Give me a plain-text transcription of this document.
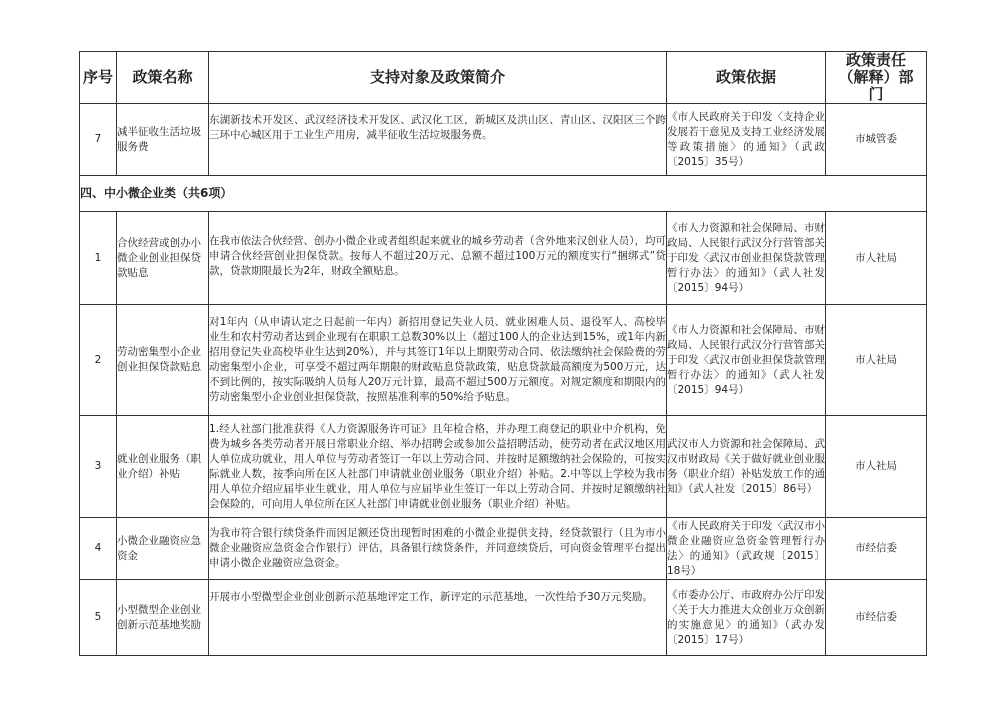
序号	政策名称	支持对象及政策简介	政策依据	政策责任（解释）部门
7	减半征收生活垃圾服务费	东湖新技术开发区、武汉经济技术开发区、武汉化工区，新城区及洪山区、青山区、汉阳区三个跨三环中心城区用于工业生产用房，减半征收生活垃圾服务费。	《市人民政府关于印发〈支持企业发展若干意见及支持工业经济发展等政策措施〉的通知》（武政〔2015〕35号）	市城管委
四、中小微企业类（共6项）				
1	合伙经营或创办小微企业创业担保贷款贴息	在我市依法合伙经营、创办小微企业或者组织起来就业的城乡劳动者（含外地来汉创业人员），均可申请合伙经营创业担保贷款。按每人不超过20万元、总额不超过100万元的额度实行“捆绑式”贷款，贷款期限最长为2年，财政全额贴息。	《市人力资源和社会保障局、市财政局、人民银行武汉分行营管部关于印发〈武汉市创业担保贷款管理暂行办法〉的通知》（武人社发〔2015〕94号）	市人社局
2	劳动密集型小企业创业担保贷款贴息	对1年内（从申请认定之日起前一年内）新招用登记失业人员、就业困难人员、退役军人、高校毕业生和农村劳动者达到企业现有在职职工总数30%以上（超过100人的企业达到15%，或1年内新招用登记失业高校毕业生达到20%），并与其签订1年以上期限劳动合同、依法缴纳社会保险费的劳动密集型小企业，可享受不超过两年期限的财政贴息贷款政策，贴息贷款最高额度为500万元，达不到比例的，按实际吸纳人员每人20万元计算，最高不超过500万元额度。对规定额度和期限内的劳动密集型小企业创业担保贷款，按照基准利率的50%给予贴息。	《市人力资源和社会保障局、市财政局、人民银行武汉分行营管部关于印发〈武汉市创业担保贷款管理暂行办法〉的通知》（武人社发〔2015〕94号）	市人社局
3	就业创业服务（职业介绍）补贴	1.经人社部门批准获得《人力资源服务许可证》且年检合格，并办理工商登记的职业中介机构，免费为城乡各类劳动者开展日常职业介绍、举办招聘会或参加公益招聘活动，使劳动者在武汉地区用人单位成功就业，用人单位与劳动者签订一年以上劳动合同、并按时足额缴纳社会保险的，可按实际就业人数，按季向所在区人社部门申请就业创业服务（职业介绍）补贴。2.中等以上学校为我市用人单位介绍应届毕业生就业，用人单位与应届毕业生签订一年以上劳动合同、并按时足额缴纳社会保险的，可向用人单位所在区人社部门申请就业创业服务（职业介绍）补贴。	武汉市人力资源和社会保障局、武汉市财政局《关于做好就业创业服务（职业介绍）补贴发放工作的通知》（武人社发〔2015〕86号）	市人社局
4	小微企业融资应急资金	为我市符合银行续贷条件而因足额还贷出现暂时困难的小微企业提供支持，经贷款银行（且为市小微企业融资应急资金合作银行）评估，具备银行续贷条件，并同意续贷后，可向资金管理平台提出申请小微企业融资应急资金。	《市人民政府关于印发〈武汉市小微企业融资应急资金管理暂行办法〉的通知》（武政规〔2015〕18号）	市经信委
5	小型微型企业创业创新示范基地奖励	开展市小型微型企业创业创新示范基地评定工作，新评定的示范基地，一次性给予30万元奖励。	《市委办公厅、市政府办公厅印发〈关于大力推进大众创业万众创新的实施意见〉的通知》（武办发〔2015〕17号）	市经信委
